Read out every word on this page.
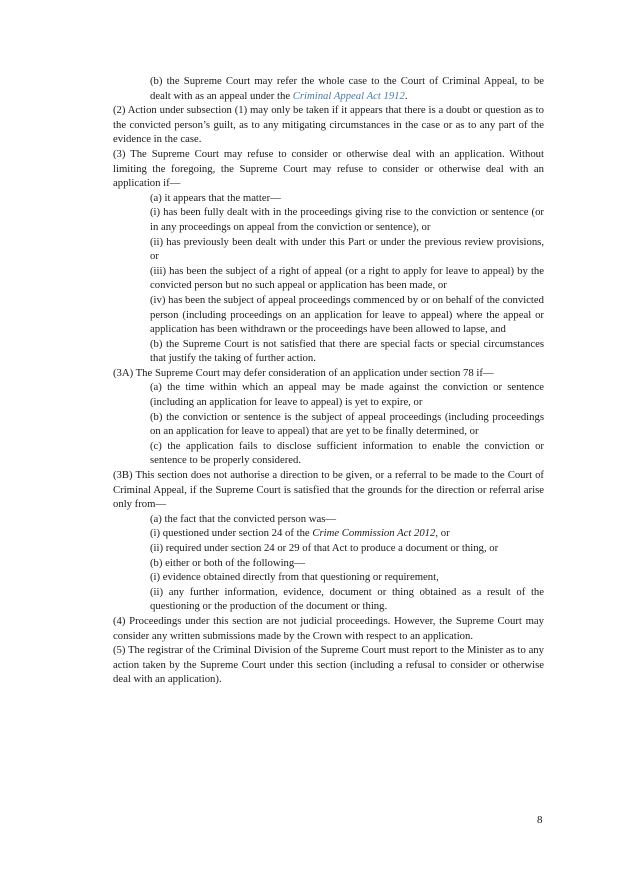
(b) the Supreme Court may refer the whole case to the Court of Criminal Appeal, to be dealt with as an appeal under the Criminal Appeal Act 1912.

(2) Action under subsection (1) may only be taken if it appears that there is a doubt or question as to the convicted person’s guilt, as to any mitigating circumstances in the case or as to any part of the evidence in the case.

(3) The Supreme Court may refuse to consider or otherwise deal with an application. Without limiting the foregoing, the Supreme Court may refuse to consider or otherwise deal with an application if—

(a) it appears that the matter—

(i) has been fully dealt with in the proceedings giving rise to the conviction or sentence (or in any proceedings on appeal from the conviction or sentence), or

(ii) has previously been dealt with under this Part or under the previous review provisions, or

(iii) has been the subject of a right of appeal (or a right to apply for leave to appeal) by the convicted person but no such appeal or application has been made, or

(iv) has been the subject of appeal proceedings commenced by or on behalf of the convicted person (including proceedings on an application for leave to appeal) where the appeal or application has been withdrawn or the proceedings have been allowed to lapse, and

(b) the Supreme Court is not satisfied that there are special facts or special circumstances that justify the taking of further action.

(3A) The Supreme Court may defer consideration of an application under section 78 if—

(a) the time within which an appeal may be made against the conviction or sentence (including an application for leave to appeal) is yet to expire, or

(b) the conviction or sentence is the subject of appeal proceedings (including proceedings on an application for leave to appeal) that are yet to be finally determined, or

(c) the application fails to disclose sufficient information to enable the conviction or sentence to be properly considered.

(3B) This section does not authorise a direction to be given, or a referral to be made to the Court of Criminal Appeal, if the Supreme Court is satisfied that the grounds for the direction or referral arise only from—

(a) the fact that the convicted person was—

(i) questioned under section 24 of the Crime Commission Act 2012, or

(ii) required under section 24 or 29 of that Act to produce a document or thing, or

(b) either or both of the following—

(i) evidence obtained directly from that questioning or requirement,

(ii) any further information, evidence, document or thing obtained as a result of the questioning or the production of the document or thing.

(4) Proceedings under this section are not judicial proceedings. However, the Supreme Court may consider any written submissions made by the Crown with respect to an application.

(5) The registrar of the Criminal Division of the Supreme Court must report to the Minister as to any action taken by the Supreme Court under this section (including a refusal to consider or otherwise deal with an application).

8
